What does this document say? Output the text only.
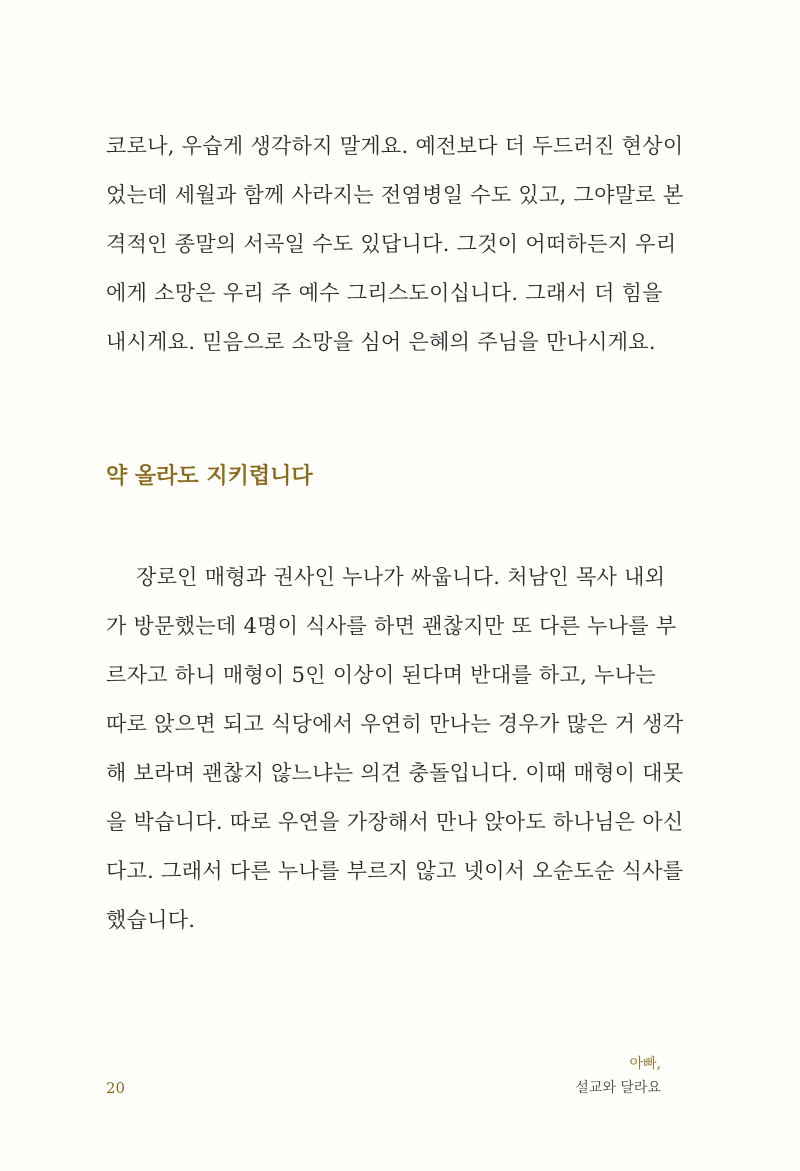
코로나, 우습게 생각하지 말게요. 예전보다 더 두드러진 현상이
었는데 세월과 함께 사라지는 전염병일 수도 있고, 그야말로 본
격적인 종말의 서곡일 수도 있답니다. 그것이 어떠하든지 우리
에게 소망은 우리 주 예수 그리스도이십니다. 그래서 더 힘을
내시게요. 믿음으로 소망을 심어 은혜의 주님을 만나시게요.
약 올라도 지키렵니다
장로인 매형과 권사인 누나가 싸웁니다. 처남인 목사 내외
가 방문했는데 4명이 식사를 하면 괜찮지만 또 다른 누나를 부
르자고 하니 매형이 5인 이상이 된다며 반대를 하고, 누나는
따로 앉으면 되고 식당에서 우연히 만나는 경우가 많은 거 생각
해 보라며 괜찮지 않느냐는 의견 충돌입니다. 이때 매형이 대못
을 박습니다. 따로 우연을 가장해서 만나 앉아도 하나님은 아신
다고. 그래서 다른 누나를 부르지 않고 넷이서 오순도순 식사를
했습니다.
20
아빠,
설교와 달라요
